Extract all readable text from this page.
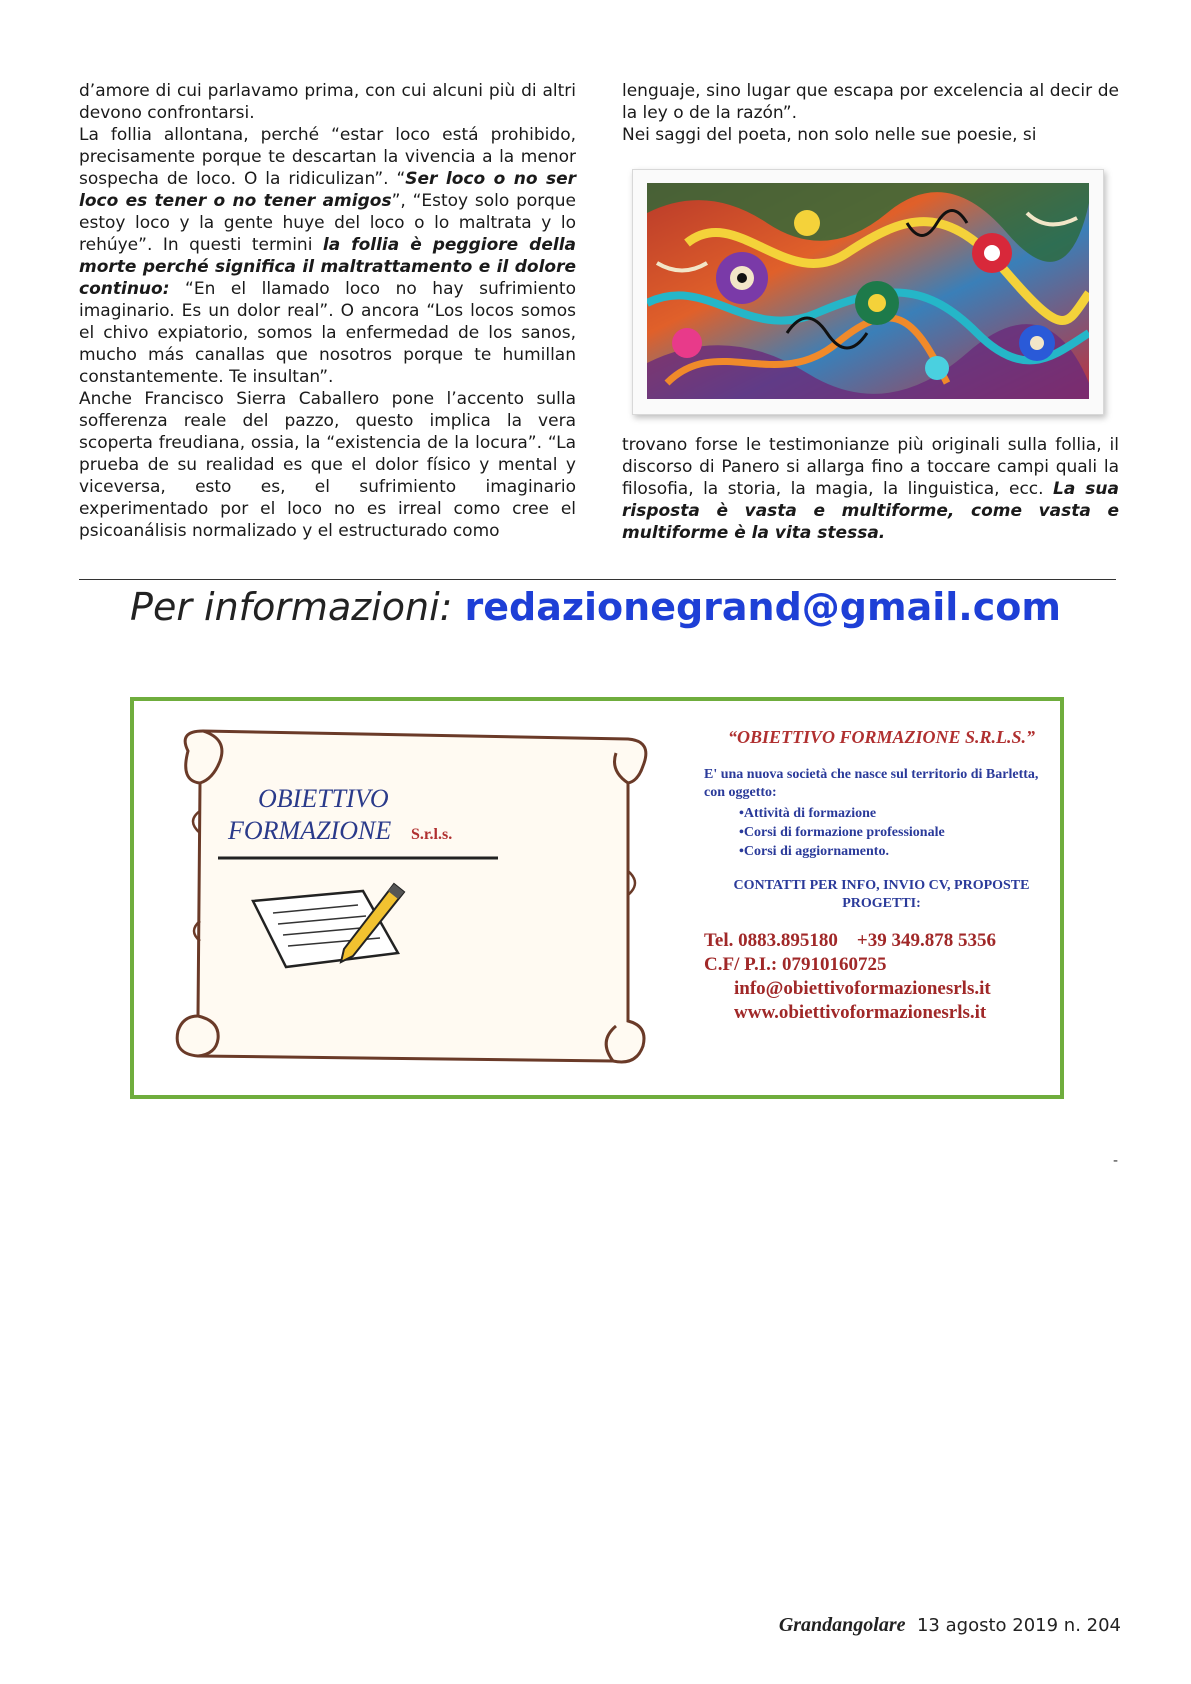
d’amore di cui parlavamo prima, con cui alcuni più di altri devono confrontarsi.

La follia allontana, perché “estar loco está prohibido, precisamente porque te descartan la vivencia a la menor sospecha de loco. O la ridiculizan”. “Ser loco o no ser loco es tener o no tener amigos”, “Estoy solo porque estoy loco y la gente huye del loco o lo maltrata y lo rehúye”. In questi termini la follia è peggiore della morte perché significa il maltrattamento e il dolore continuo: “En el llamado loco no hay sufrimiento imaginario. Es un dolor real”. O ancora “Los locos somos el chivo expiatorio, somos la enfermedad de los sanos, mucho más canallas que nosotros porque te humillan constantemente. Te insultan”.

Anche Francisco Sierra Caballero pone l’accento sulla sofferenza reale del pazzo, questo implica la vera scoperta freudiana, ossia, la “existencia de la locura”. “La prueba de su realidad es que el dolor físico y mental y viceversa, esto es, el sufrimiento imaginario experimentado por el loco no es irreal como cree el psicoanálisis normalizado y el estructurado como

lenguaje, sino lugar que escapa por excelencia al decir de la ley o de la razón”.

Nei saggi del poeta, non solo nelle sue poesie, si

trovano forse le testimonianze più originali sulla follia, il discorso di Panero si allarga fino a toccare campi quali la filosofia, la storia, la magia, la linguistica, ecc. La sua risposta è vasta e multiforme, come vasta e multiforme è la vita stessa.

Per informazioni: redazionegrand@gmail.com
OBIETTIVO
FORMAZIONE S.r.l.s.
“OBIETTIVO FORMAZIONE S.R.L.S.”

E' una nuova società che nasce sul territorio di Barletta, con oggetto:

• Attività di formazione
• Corsi di formazione professionale
• Corsi di aggiornamento.

CONTATTI PER INFO, INVIO CV, PROPOSTE PROGETTI:

Tel. 0883.895180    +39 349.878 5356
C.F/ P.I.: 07910160725
info@obiettivoformazionesrls.it
www.obiettivoformazionesrls.it
-
Grandangolare 13 agosto 2019 n. 204
